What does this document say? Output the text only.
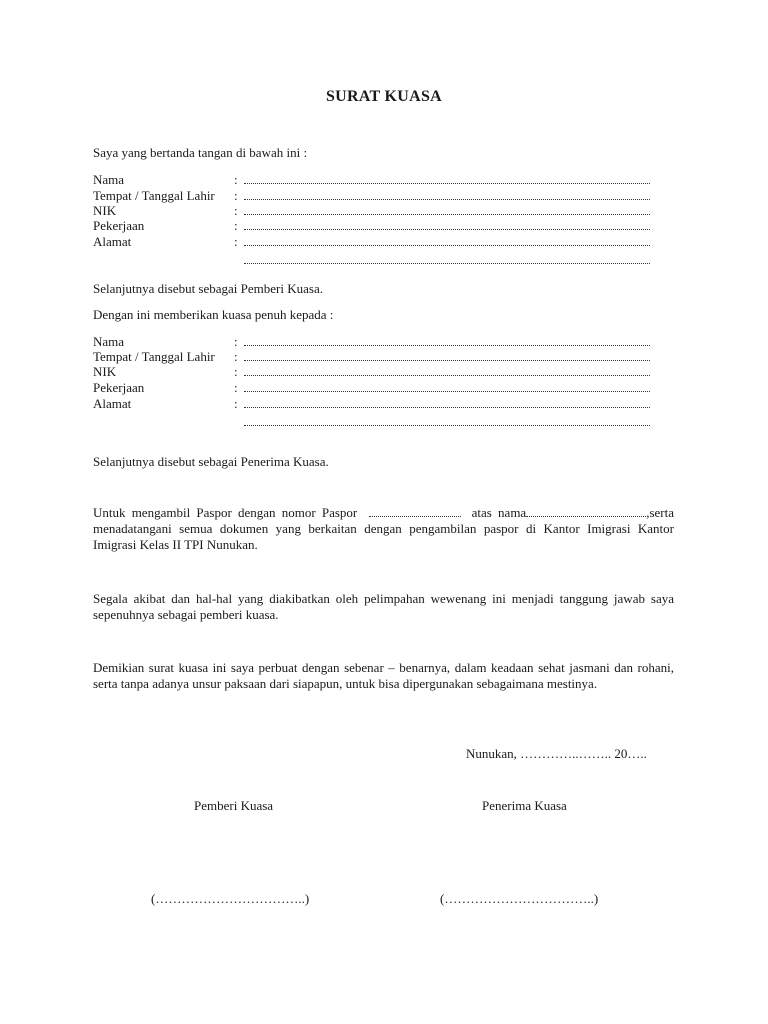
SURAT KUASA
Saya yang bertanda tangan di bawah ini :
Nama	:
Tempat / Tanggal Lahir :
NIK	:
Pekerjaan	:
Alamat	:
Selanjutnya disebut sebagai Pemberi Kuasa.
Dengan ini memberikan kuasa penuh kepada :
Nama	:
Tempat / Tanggal Lahir :
NIK	:
Pekerjaan	:
Alamat	:
Selanjutnya disebut sebagai Penerima Kuasa.
Untuk mengambil Paspor dengan nomor Paspor	atas nama	,serta menadatangani semua dokumen yang berkaitan dengan pengambilan paspor di Kantor Imigrasi Kantor Imigrasi Kelas II TPI Nunukan.
Segala akibat dan hal-hal yang diakibatkan oleh pelimpahan wewenang ini menjadi tanggung jawab saya sepenuhnya sebagai pemberi kuasa.
Demikian surat kuasa ini saya perbuat dengan sebenar – benarnya, dalam keadaan sehat jasmani dan rohani, serta tanpa adanya unsur paksaan dari siapapun, untuk bisa dipergunakan sebagaimana mestinya.
Nunukan, …………..…….. 20…..
Pemberi Kuasa	Penerima Kuasa
(……………………………..)	(……………………………..)
